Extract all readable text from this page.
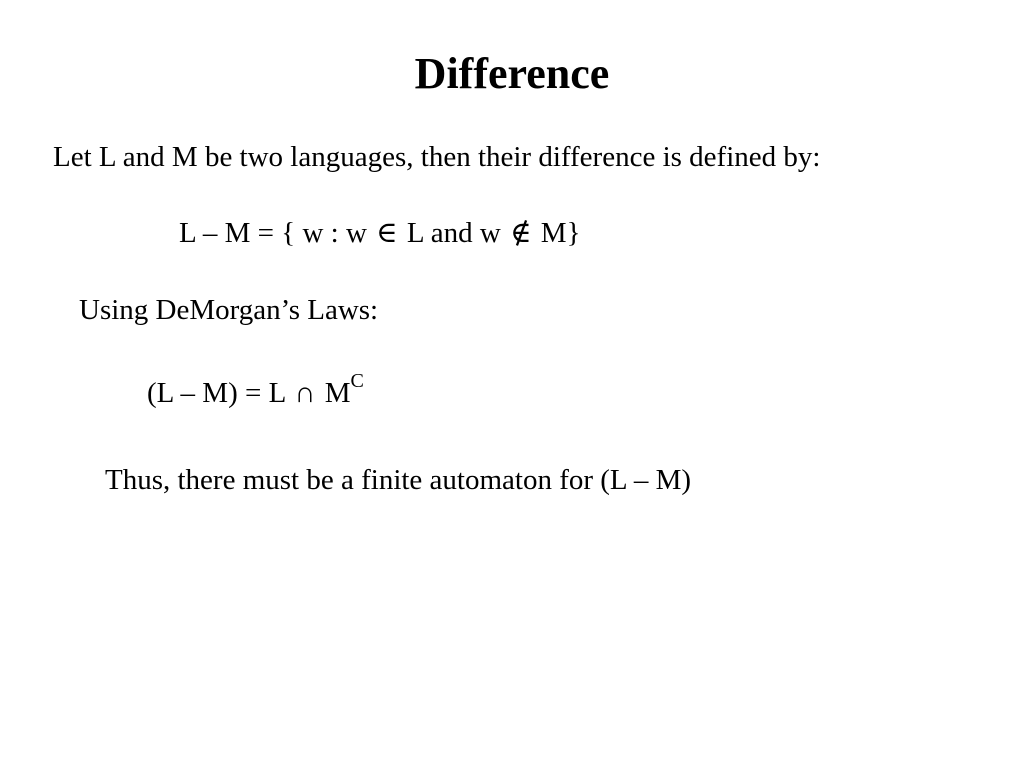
Difference
Let L and M be two languages, then their difference is defined by:
L – M = { w : w ∈ L and w ∉ M}
Using DeMorgan’s Laws:
(L – M) = L ∩ $M^C$
Thus, there must be a finite automaton for (L – M)
